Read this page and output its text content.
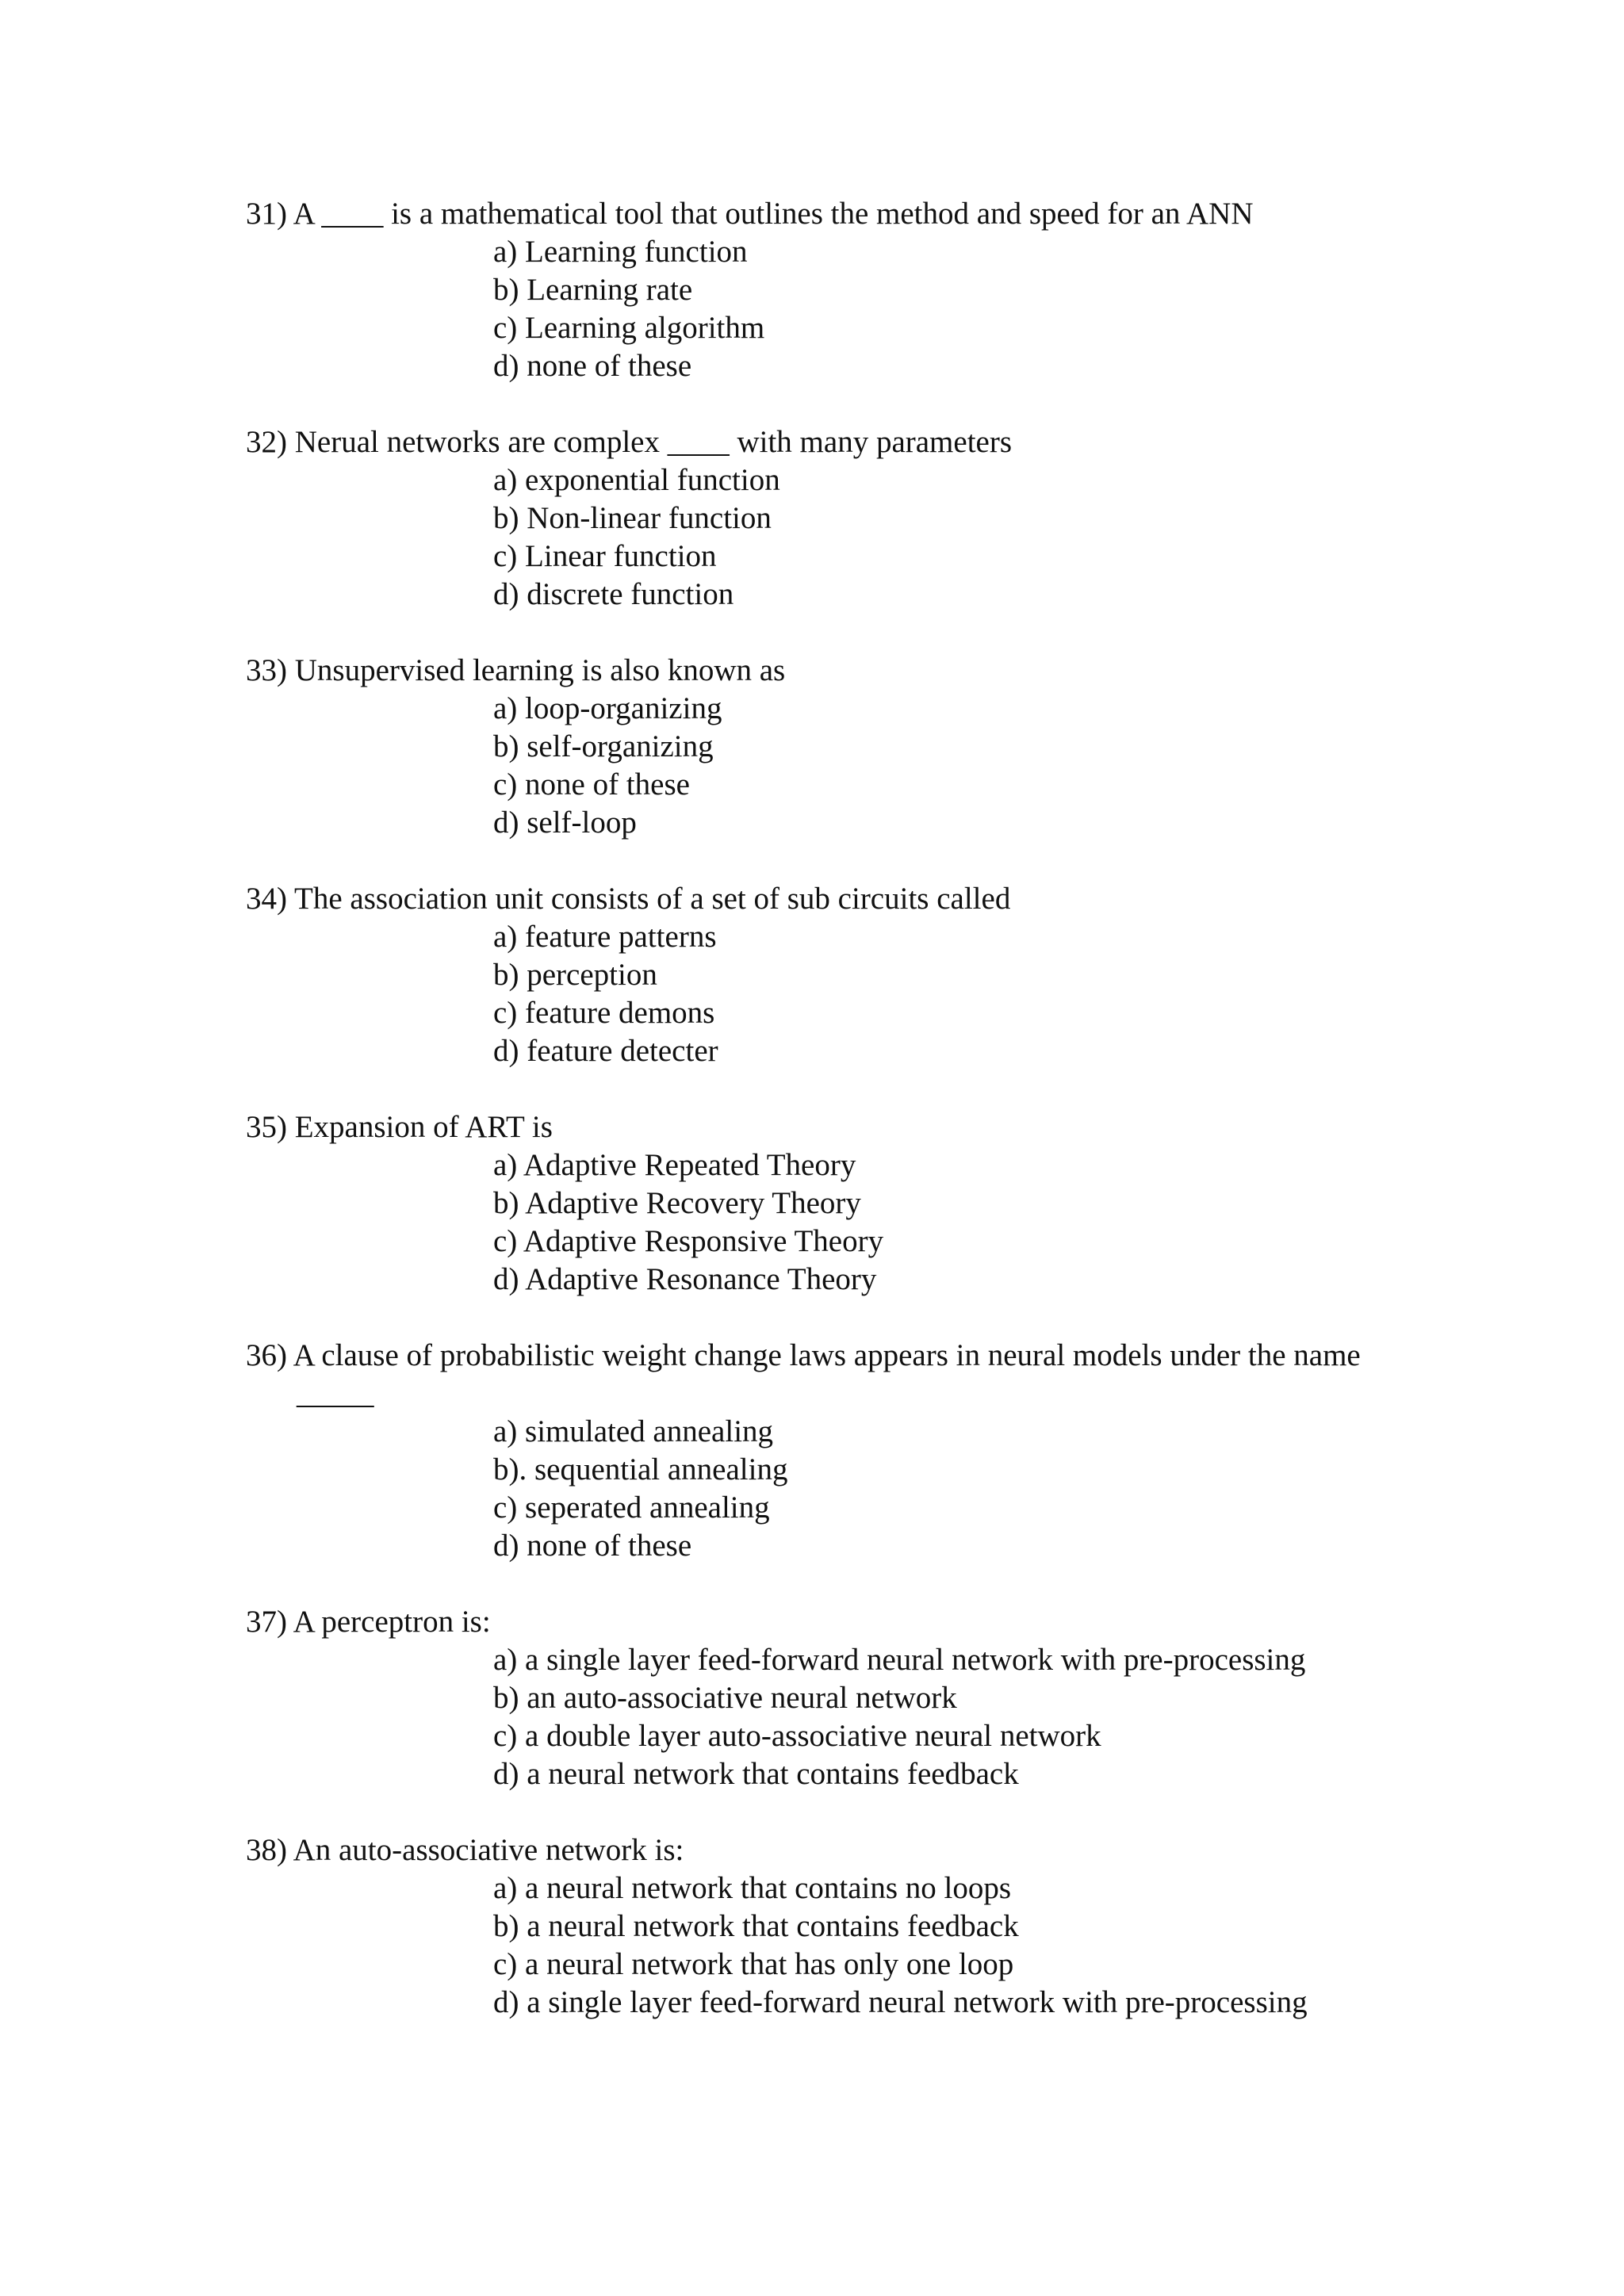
31) A ____ is a mathematical tool that outlines the method and speed for an ANN

a) Learning function
b) Learning rate
c) Learning algorithm
d) none of these

32) Nerual networks are complex ____ with many parameters

a) exponential function
b) Non-linear function
c) Linear function
d) discrete function

33) Unsupervised learning is also known as

a) loop-organizing
b) self-organizing
c) none of these
d) self-loop

34) The association unit consists of a set of sub circuits called

a) feature patterns
b) perception
c) feature demons
d) feature detecter

35) Expansion of ART is

a) Adaptive Repeated Theory
b) Adaptive Recovery Theory
c) Adaptive Responsive Theory
d) Adaptive Resonance Theory

36) A clause of probabilistic weight change laws appears in neural models under the name

_____

a) simulated annealing
b). sequential annealing
c) seperated annealing
d) none of these

37) A perceptron is:

a) a single layer feed-forward neural network with pre-processing
b) an auto-associative neural network
c) a double layer auto-associative neural network
d) a neural network that contains feedback

38) An auto-associative network is:

a) a neural network that contains no loops
b) a neural network that contains feedback
c) a neural network that has only one loop
d) a single layer feed-forward neural network with pre-processing
